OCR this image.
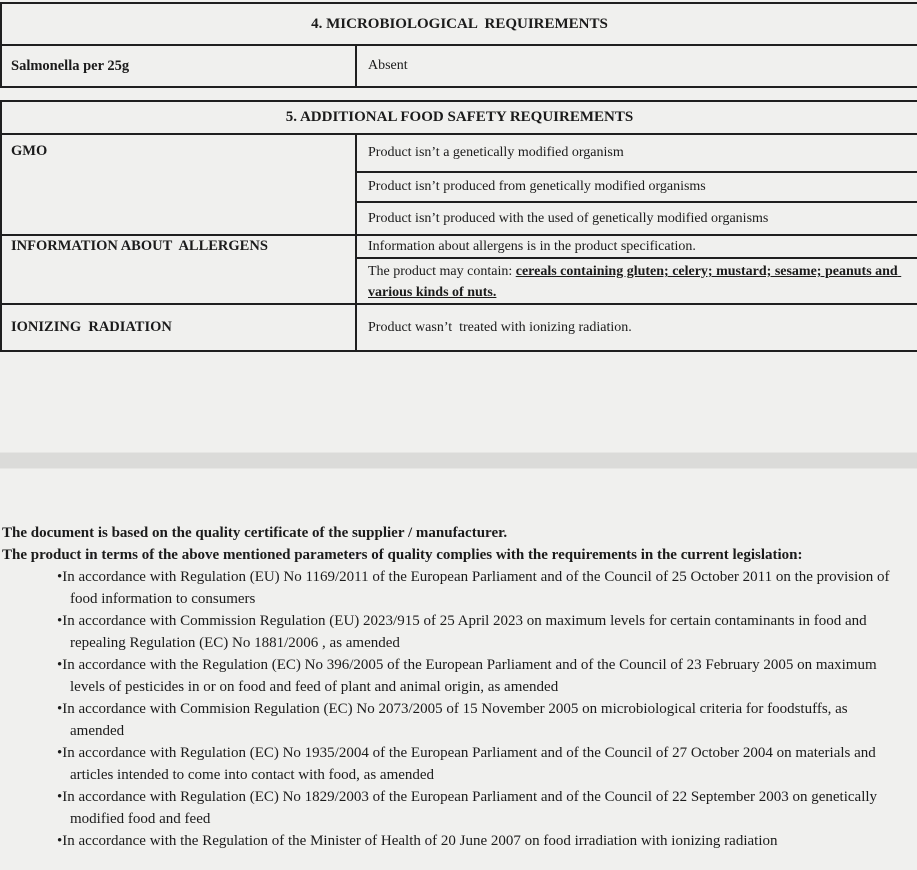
4. MICROBIOLOGICAL  REQUIREMENTS
Salmonella per 25g	Absent
5. ADDITIONAL FOOD SAFETY REQUIREMENTS
GMO	Product isn’t a genetically modified organism
Product isn’t produced from genetically modified organisms
Product isn’t produced with the used of genetically modified organisms
INFORMATION ABOUT  ALLERGENS	Information about allergens is in the product specification.
The product may contain: cereals containing gluten; celery; mustard; sesame; peanuts and various kinds of nuts.
IONIZING  RADIATION	Product wasn’t  treated with ionizing radiation.
The document is based on the quality certificate of the supplier / manufacturer.
The product in terms of the above mentioned parameters of quality complies with the requirements in the current legislation:
• In accordance with Regulation (EU) No 1169/2011 of the European Parliament and of the Council of 25 October 2011 on the provision of food information to consumers
• In accordance with Commission Regulation (EU) 2023/915 of 25 April 2023 on maximum levels for certain contaminants in food and repealing Regulation (EC) No 1881/2006 , as amended
• In accordance with the Regulation (EC) No 396/2005 of the European Parliament and of the Council of 23 February 2005 on maximum levels of pesticides in or on food and feed of plant and animal origin, as amended
• In accordance with Commision Regulation (EC) No 2073/2005 of 15 November 2005 on microbiological criteria for foodstuffs, as amended
• In accordance with Regulation (EC) No 1935/2004 of the European Parliament and of the Council of 27 October 2004 on materials and articles intended to come into contact with food, as amended
• In accordance with Regulation (EC) No 1829/2003 of the European Parliament and of the Council of 22 September 2003 on genetically modified food and feed
• In accordance with the Regulation of the Minister of Health of 20 June 2007 on food irradiation with ionizing radiation
